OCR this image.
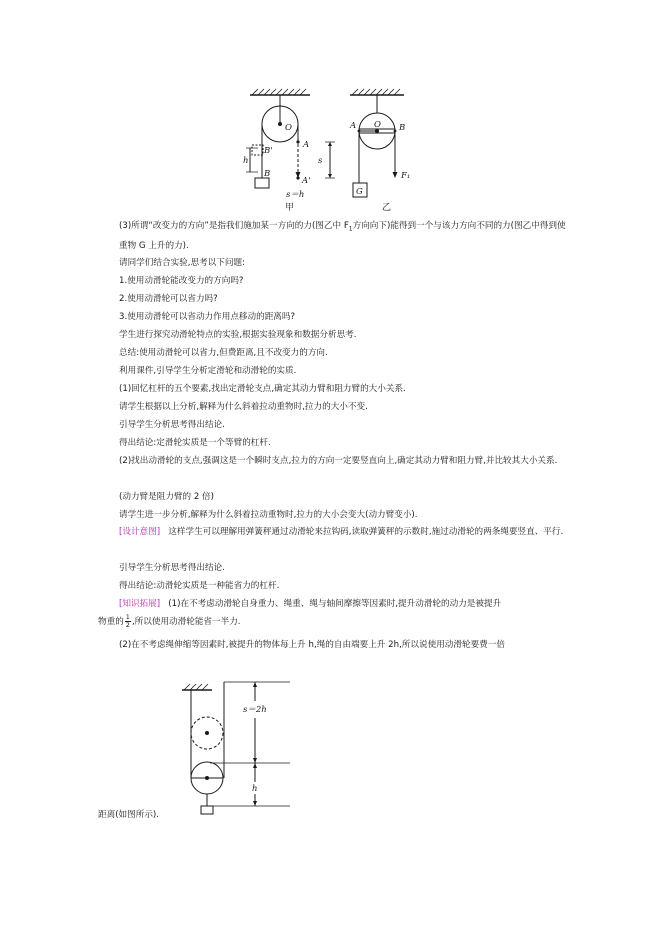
O
A
A'
B'
B
h	s
s＝h
甲
A	B
O
G
F₁
乙
(3)所谓“改变力的方向”是指我们施加某一方向的力(图乙中 $F_1$方向向下)能得到一个与该力方向不同的力(图乙中得到使重物 G 上升的力).
请同学们结合实验,思考以下问题:
1.使用动滑轮能改变力的方向吗?
2.使用动滑轮可以省力吗?
3.使用动滑轮可以省动力作用点移动的距离吗?
学生进行探究动滑轮特点的实验,根据实验现象和数据分析思考.
总结:使用动滑轮可以省力,但费距离,且不改变力的方向.
利用课件,引导学生分析定滑轮和动滑轮的实质.
(1)回忆杠杆的五个要素,找出定滑轮支点,确定其动力臂和阻力臂的大小关系.
请学生根据以上分析,解释为什么斜着拉动重物时,拉力的大小不变.
引导学生分析思考得出结论.
得出结论:定滑轮实质是一个等臂的杠杆.
(2)找出动滑轮的支点,强调这是一个瞬时支点,拉力的方向一定要竖直向上,确定其动力臂和阻力臂,并比较其大小关系.
(动力臂是阻力臂的 2 倍)
请学生进一步分析,解释为什么斜着拉动重物时,拉力的大小会变大(动力臂变小).
[设计意图] 这样学生可以理解用弹簧秤通过动滑轮来拉钩码,读取弹簧秤的示数时,施过动滑轮的两条绳要竖直、平行.
引导学生分析思考得出结论.
得出结论:动滑轮实质是一种能省力的杠杆.
[知识拓展] (1)在不考虑动滑轮自身重力、绳重、绳与轴间摩擦等因素时,提升动滑轮的动力是被提升
物重的 $\frac{1}{2}$ ,所以使用动滑轮能省一半力.
(2)在不考虑绳伸缩等因素时,被提升的物体每上升 h,绳的自由端要上升 2h,所以说使用动滑轮要费一倍
s＝2h
h
距离(如图所示).
